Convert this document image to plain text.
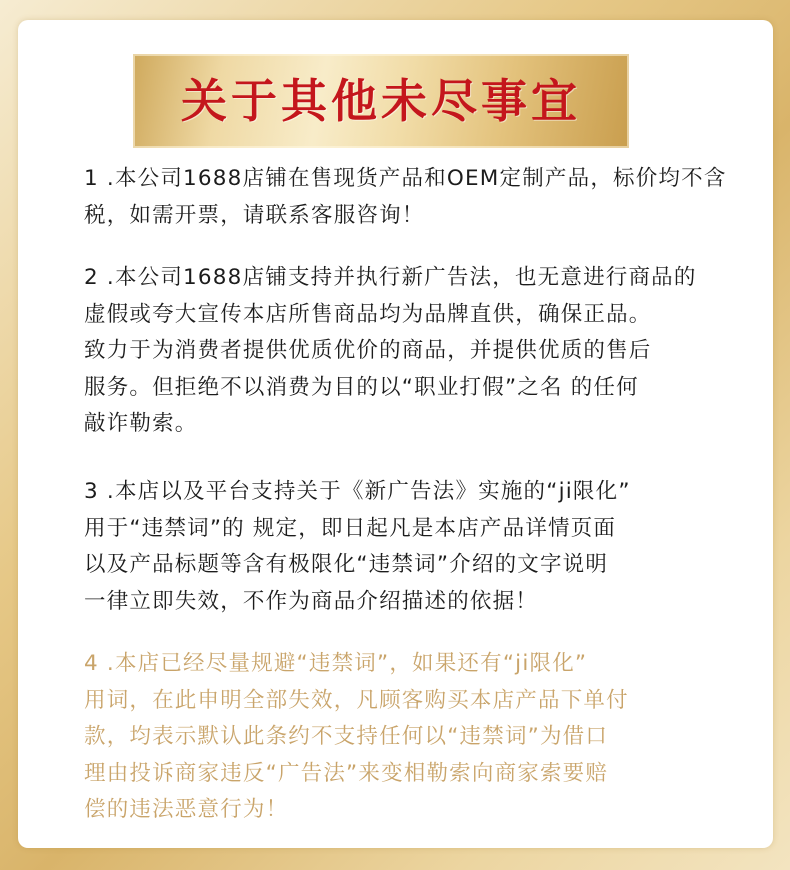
关于其他未尽事宜
1 .本公司1688店铺在售现货产品和OEM定制产品，标价均不含
税，如需开票，请联系客服咨询！
2 .本公司1688店铺支持并执行新广告法，也无意进行商品的
虚假或夸大宣传本店所售商品均为品牌直供，确保正品。
致力于为消费者提供优质优价的商品，并提供优质的售后
服务。但拒绝不以消费为目的以“职业打假”之名 的任何
敲诈勒索。
3 .本店以及平台支持关于《新广告法》实施的“ji限化”
用于“违禁词”的 规定，即日起凡是本店产品详情页面
以及产品标题等含有极限化“违禁词”介绍的文字说明
一律立即失效，不作为商品介绍描述的依据！
4 .本店已经尽量规避“违禁词”，如果还有“ji限化”
用词，在此申明全部失效，凡顾客购买本店产品下单付
款，均表示默认此条约不支持任何以“违禁词”为借口
理由投诉商家违反“广告法”来变相勒索向商家索要赔
偿的违法恶意行为！
